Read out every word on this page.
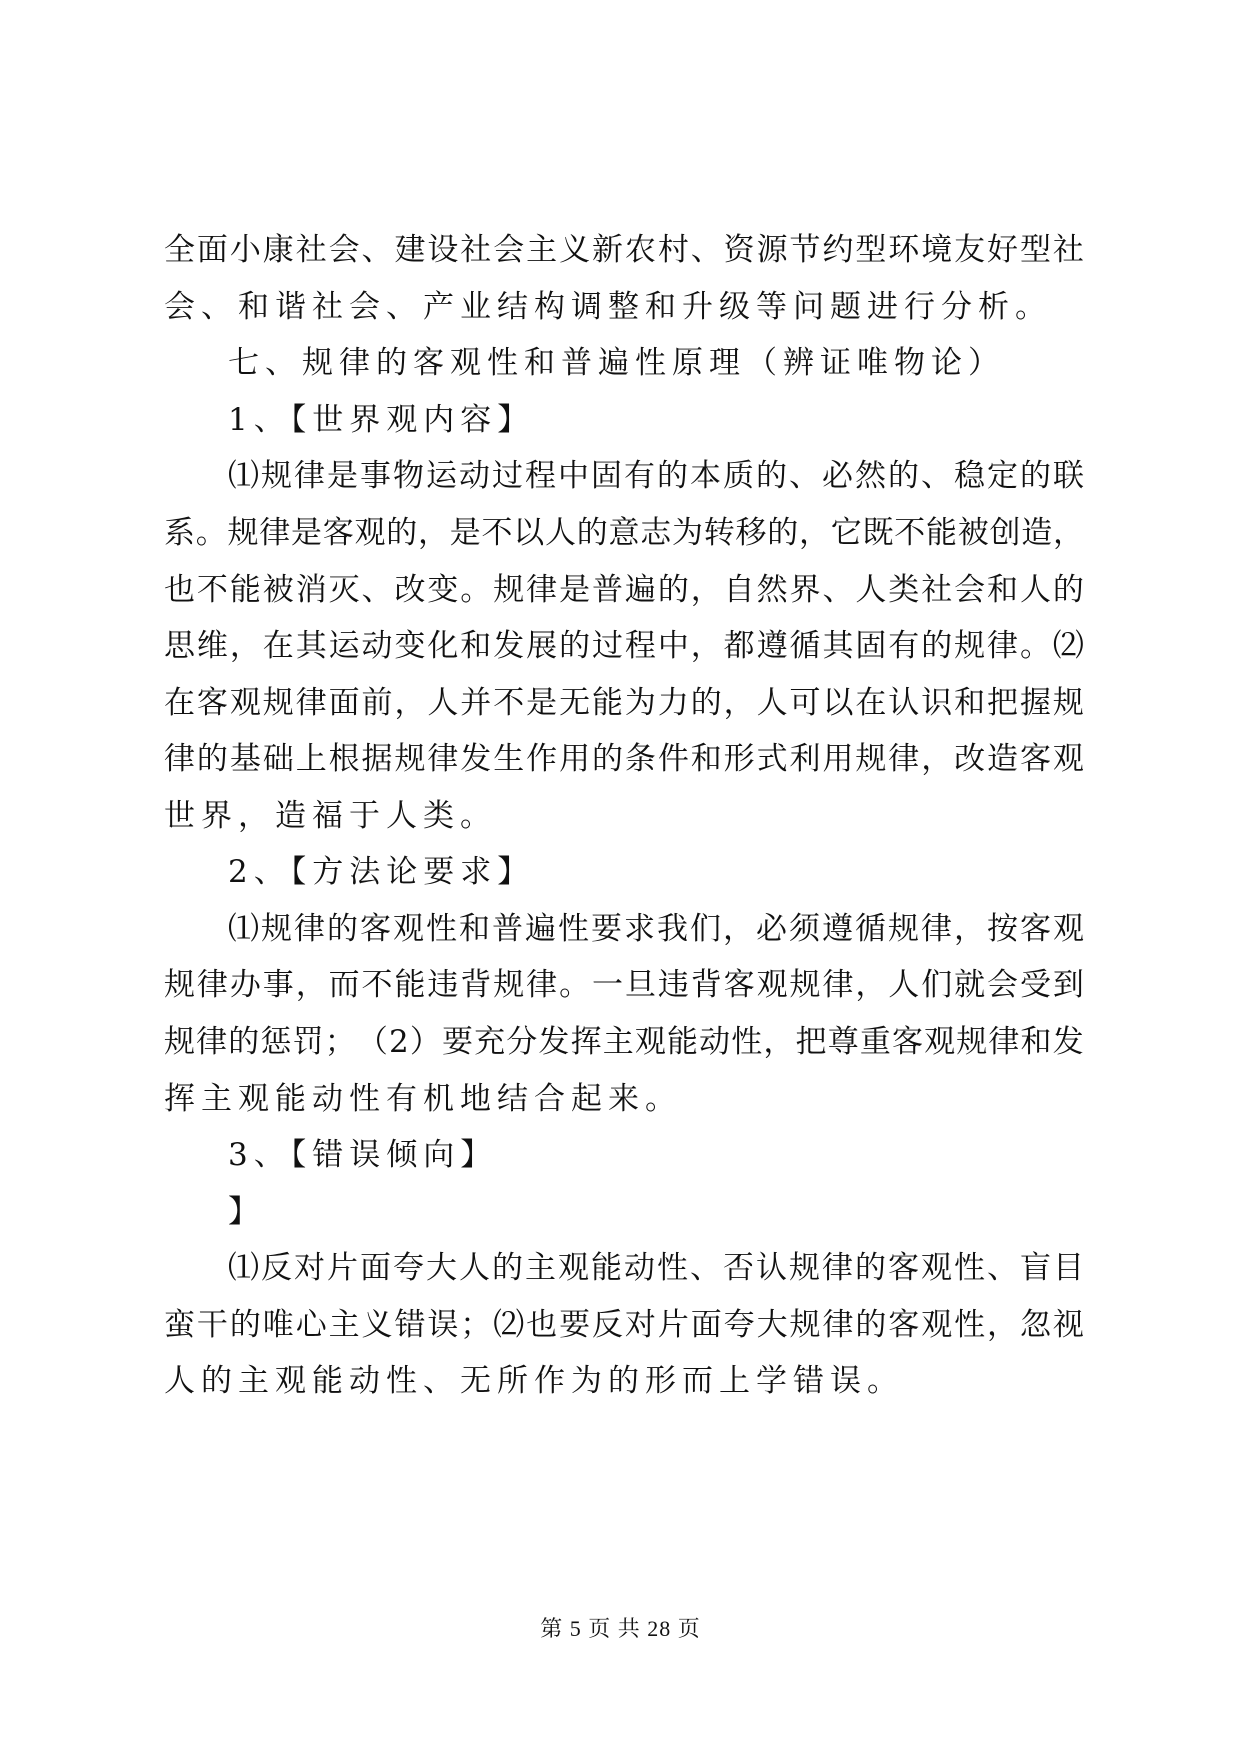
全 面 小 康 社 会 、 建 设 社 会 主 义 新 农 村 、 资 源 节 约 型 环 境 友 好 型 社
会、和谐社会、产业结构调整和升级等问题进行分析。
七、规律的客观性和普遍性原理（辨证唯物论）
1、【世界观内容】
⑴ 规 律 是 事 物 运 动 过 程 中 固 有 的 本 质 的 、 必 然 的 、 稳 定 的 联
系 。 规 律 是 客 观 的 ， 是 不 以 人 的 意 志 为 转 移 的 ， 它 既 不 能 被 创 造 ，
也 不 能 被 消 灭 、 改 变 。 规 律 是 普 遍 的 ， 自 然 界 、 人 类 社 会 和 人 的
思 维 ， 在 其 运 动 变 化 和 发 展 的 过 程 中 ， 都 遵 循 其 固 有 的 规 律 。 ⑵
在 客 观 规 律 面 前 ， 人 并 不 是 无 能 为 力 的 ， 人 可 以 在 认 识 和 把 握 规
律 的 基 础 上 根 据 规 律 发 生 作 用 的 条 件 和 形 式 利 用 规 律 ， 改 造 客 观
世界，造福于人类。
2、【方法论要求】
⑴ 规 律 的 客 观 性 和 普 遍 性 要 求 我 们 ， 必 须 遵 循 规 律 ， 按 客 观
规 律 办 事 ， 而 不 能 违 背 规 律 。 一 旦 违 背 客 观 规 律 ， 人 们 就 会 受 到
规 律 的 惩 罚 ； （ 2 ） 要 充 分 发 挥 主 观 能 动 性 ， 把 尊 重 客 观 规 律 和 发
挥主观能动性有机地结合起来。
3、【错误倾向】
】
⑴ 反 对 片 面 夸 大 人 的 主 观 能 动 性 、 否 认 规 律 的 客 观 性 、 盲 目
蛮 干 的 唯 心 主 义 错 误 ； ⑵ 也 要 反 对 片 面 夸 大 规 律 的 客 观 性 ， 忽 视
人的主观能动性、无所作为的形而上学错误。
第 5 页 共 28 页
